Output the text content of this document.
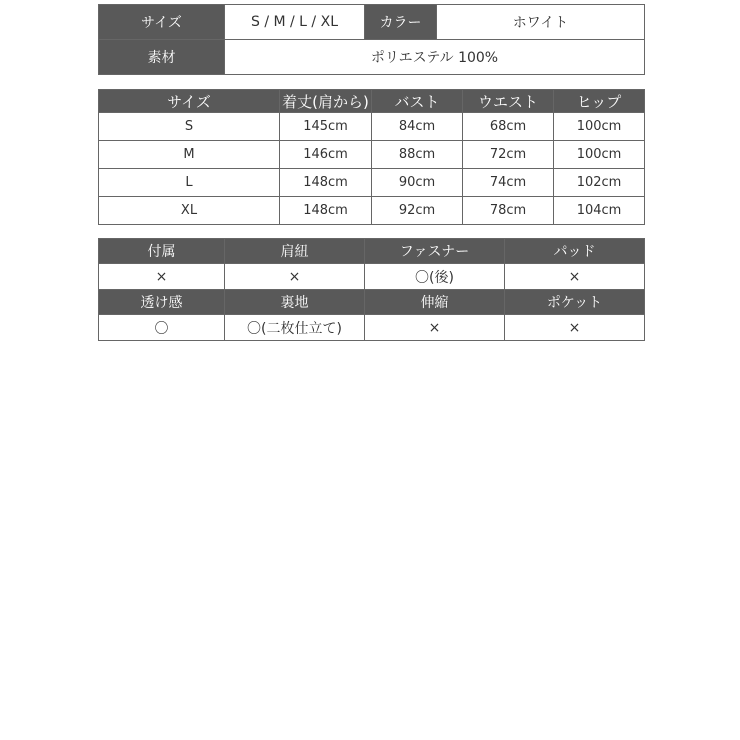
サイズ	S / M / L / XL	カラー	ホワイト
素材	ポリエステル 100%		
サイズ	着丈(肩から)	バスト	ウエスト	ヒップ
S	145cm	84cm	68cm	100cm
M	146cm	88cm	72cm	100cm
L	148cm	90cm	74cm	102cm
XL	148cm	92cm	78cm	104cm
付属	肩紐	ファスナー	パッド
×	×	〇(後)	×
透け感	裏地	伸縮	ポケット
〇	〇(二枚仕立て)	×	×
